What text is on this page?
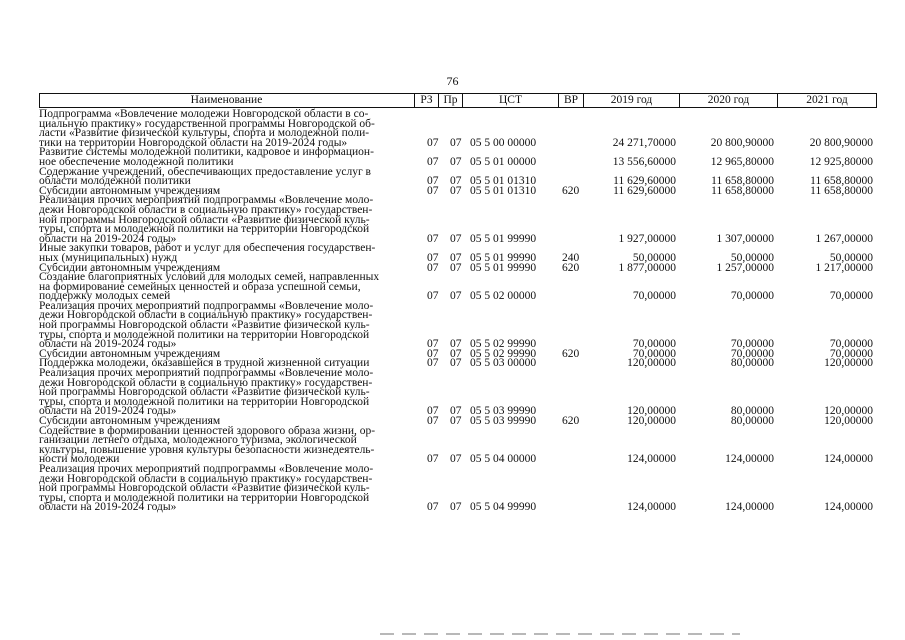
76
Наименование	РЗ Пр	ЦСТ	ВР	2019 год	2020 год	2021 год
Подпрограмма «Вовлечение молодежи Новгородской области в со-
циальную практику» государственной программы Новгородской об-
ласти «Развитие физической культуры, спорта и молодежной поли-
тики на территории Новгородской области на 2019-2024 годы»	07 07 05 5 00 00000	24 271,70000	20 800,90000	20 800,90000
Развитие системы молодежной политики, кадровое и информацион-
ное обеспечение молодежной политики	07 07 05 5 01 00000	13 556,60000	12 965,80000	12 925,80000
Содержание учреждений, обеспечивающих предоставление услуг в
области молодежной политики	07 07 05 5 01 01310	11 629,60000	11 658,80000	11 658,80000
Субсидии автономным учреждениям	07 07 05 5 01 01310 620	11 629,60000	11 658,80000	11 658,80000
Реализация прочих мероприятий подпрограммы «Вовлечение моло-
дежи Новгородской области в социальную практику» государствен-
ной программы Новгородской области «Развитие физической куль-
туры, спорта и молодежной политики на территории Новгородской
области на 2019-2024 годы»	07 07 05 5 01 99990	1 927,00000	1 307,00000	1 267,00000
Иные закупки товаров, работ и услуг для обеспечения государствен-
ных (муниципальных) нужд	07 07 05 5 01 99990 240	50,00000	50,00000	50,00000
Субсидии автономным учреждениям	07 07 05 5 01 99990 620	1 877,00000	1 257,00000	1 217,00000
Создание благоприятных условий для молодых семей, направленных
на формирование семейных ценностей и образа успешной семьи,
поддержку молодых семей	07 07 05 5 02 00000	70,00000	70,00000	70,00000
Реализация прочих мероприятий подпрограммы «Вовлечение моло-
дежи Новгородской области в социальную практику» государствен-
ной программы Новгородской области «Развитие физической куль-
туры, спорта и молодежной политики на территории Новгородской
области на 2019-2024 годы»	07 07 05 5 02 99990	70,00000	70,00000	70,00000
Субсидии автономным учреждениям	07 07 05 5 02 99990 620	70,00000	70,00000	70,00000
Поддержка молодежи, оказавшейся в трудной жизненной ситуации	07 07 05 5 03 00000	120,00000	80,00000	120,00000
Реализация прочих мероприятий подпрограммы «Вовлечение моло-
дежи Новгородской области в социальную практику» государствен-
ной программы Новгородской области «Развитие физической куль-
туры, спорта и молодежной политики на территории Новгородской
области на 2019-2024 годы»	07 07 05 5 03 99990	120,00000	80,00000	120,00000
Субсидии автономным учреждениям	07 07 05 5 03 99990 620	120,00000	80,00000	120,00000
Содействие в формировании ценностей здорового образа жизни, ор-
ганизации летнего отдыха, молодежного туризма, экологической
культуры, повышение уровня культуры безопасности жизнедеятель-
ности молодежи	07 07 05 5 04 00000	124,00000	124,00000	124,00000
Реализация прочих мероприятий подпрограммы «Вовлечение моло-
дежи Новгородской области в социальную практику» государствен-
ной программы Новгородской области «Развитие физической куль-
туры, спорта и молодежной политики на территории Новгородской
области на 2019-2024 годы»	07 07 05 5 04 99990	124,00000	124,00000	124,00000
